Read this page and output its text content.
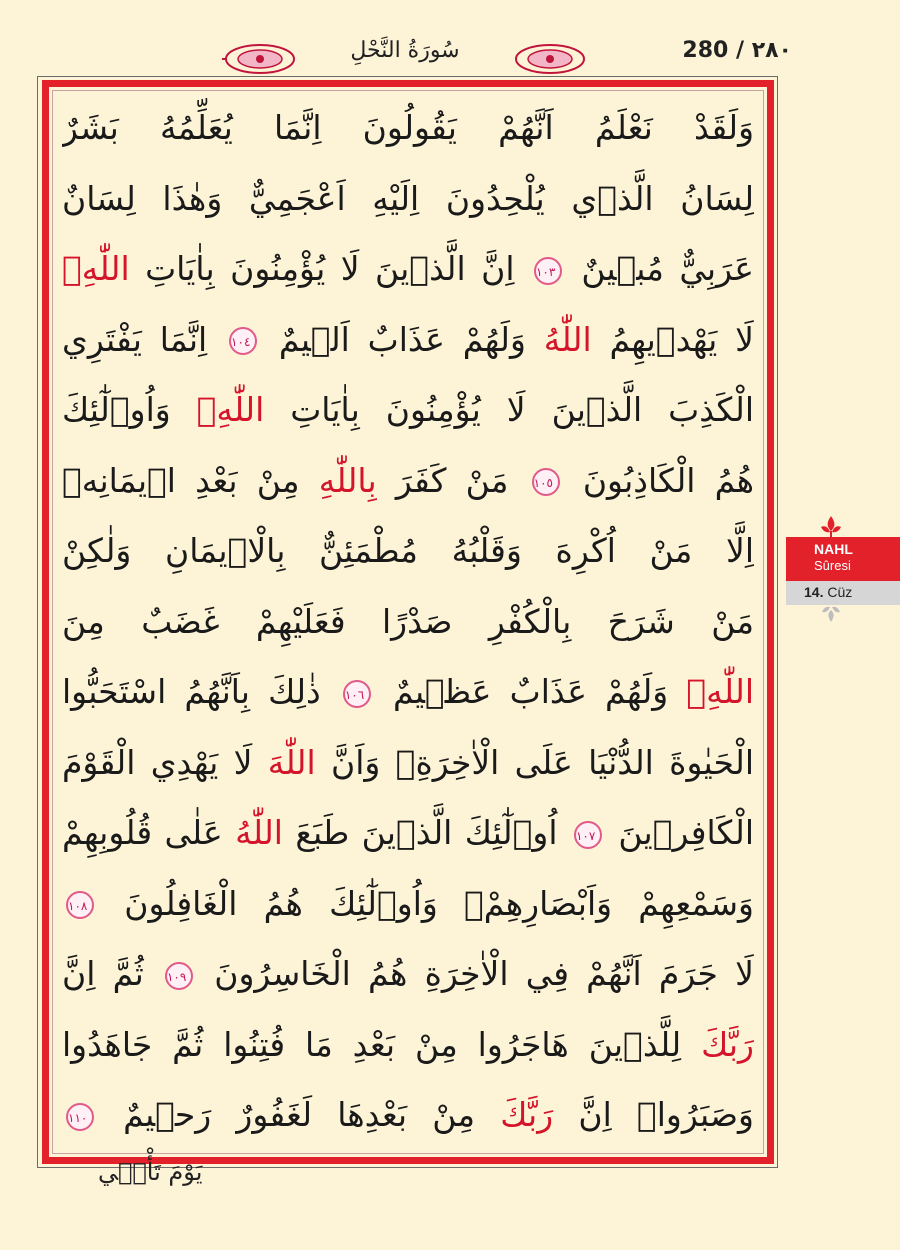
سُورَةُ النَّحْلِ	280 / ٢٨٠
وَلَقَدْ نَعْلَمُ اَنَّهُمْ يَقُولُونَ اِنَّمَا يُعَلِّمُهُ بَشَرٌ
لِسَانُ الَّذ۪ي يُلْحِدُونَ اِلَيْهِ اَعْجَمِيٌّ وَهٰذَا لِسَانٌ
عَرَبِيٌّ مُب۪ينٌ ١٠٣ اِنَّ الَّذ۪ينَ لَا يُؤْمِنُونَ بِاٰيَاتِ اللّٰهِۙ
لَا يَهْد۪يهِمُ اللّٰهُ وَلَهُمْ عَذَابٌ اَل۪يمٌ ١٠٤ اِنَّمَا يَفْتَرِي
الْكَذِبَ الَّذ۪ينَ لَا يُؤْمِنُونَ بِاٰيَاتِ اللّٰهِۚ وَاُو۬لٰٓئِكَ
هُمُ الْكَاذِبُونَ ١٠٥ مَنْ كَفَرَ بِاللّٰهِ مِنْ بَعْدِ ا۪يمَانِه۪
اِلَّا مَنْ اُكْرِهَ وَقَلْبُهُ مُطْمَئِنٌّ بِالْا۪يمَانِ وَلٰكِنْ
مَنْ شَرَحَ بِالْكُفْرِ صَدْرًا فَعَلَيْهِمْ غَضَبٌ مِنَ
اللّٰهِۚ وَلَهُمْ عَذَابٌ عَظ۪يمٌ ١٠٦ ذٰلِكَ بِاَنَّهُمُ اسْتَحَبُّوا
الْحَيٰوةَ الدُّنْيَا عَلَى الْاٰخِرَةِۙ وَاَنَّ اللّٰهَ لَا يَهْدِي الْقَوْمَ
الْكَافِر۪ينَ ١٠٧ اُو۬لٰٓئِكَ الَّذ۪ينَ طَبَعَ اللّٰهُ عَلٰى قُلُوبِهِمْ
وَسَمْعِهِمْ وَاَبْصَارِهِمْۚ وَاُو۬لٰٓئِكَ هُمُ الْغَافِلُونَ ١٠٨
لَا جَرَمَ اَنَّهُمْ فِي الْاٰخِرَةِ هُمُ الْخَاسِرُونَ ١٠٩ ثُمَّ اِنَّ
رَبَّكَ لِلَّذ۪ينَ هَاجَرُوا مِنْ بَعْدِ مَا فُتِنُوا ثُمَّ جَاهَدُوا
وَصَبَرُواۙ اِنَّ رَبَّكَ مِنْ بَعْدِهَا لَغَفُورٌ رَح۪يمٌ ١١٠
يَوْمَ تَأْت۪ي
NAHL
Sûresi
14. Cüz
